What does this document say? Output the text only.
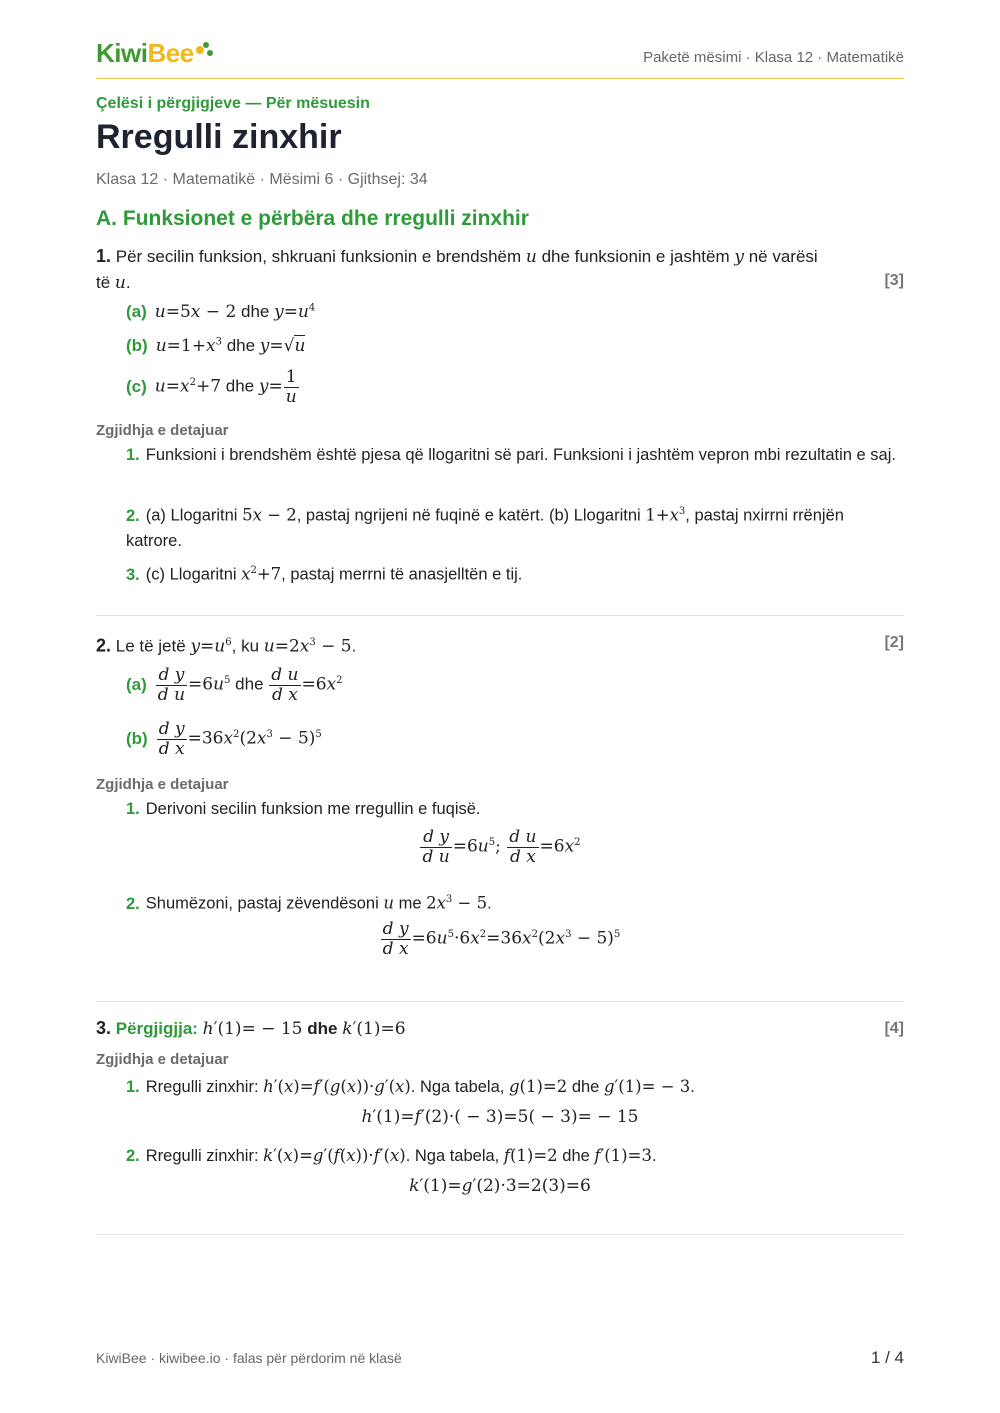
KiwiBee	Paketë mësimi · Klasa 12 · Matematikë
Çelësi i përgjigjeve — Për mësuesin
Rregulli zinxhir
Klasa 12 · Matematikë · Mësimi 6 · Gjithsej: 34
A. Funksionet e përbëra dhe rregulli zinxhir
1. Për secilin funksion, shkruani funksionin e brendshëm u dhe funksionin e jashtëm y në varësi
të u.	[3]
(a) u=5x − 2 dhe $y=u^4$
(b) $u=1+x^3$ dhe y=√u
(c) $u=x^2+7$ dhe $y= \frac{1}{u}$
Zgjidhja e detajuar
1. Funksioni i brendshëm është pjesa që llogaritni së pari. Funksioni i jashtëm vepron mbi rezultatin e saj.
2. (a) Llogaritni 5x − 2, pastaj ngrijeni në fuqinë e katërt. (b) Llogaritni $1+x^3$, pastaj nxirrni rrënjën katrore.
3. (c) Llogaritni $x^2+7$, pastaj merrni të anasjelltën e tij.
2. Le të jetë $y=u^6$, ku $u=2x^3 - 5$.	[2]
$(a) \frac{\text{d y}}{\text{d u}} =6u^5$ dhe $\frac{\text{d u}}{\text{d x}} =6x^2$
$(b) \frac{\text{d y}}{\text{d x}} =36x^2(2x^3 - 5)^5$
Zgjidhja e detajuar
1. Derivoni secilin funksion me rregullin e fuqisë.
$\frac{\text{d y}}{\text{d u}} =6u^5$; $\frac{\text{d u}}{\text{d x}} =6x^2$
2. Shumëzoni, pastaj zëvendësoni u me $2x^3 - 5$.
$\frac{\text{d y}}{\text{d x}} =6u^5\cdot 6x^2=36x^2(2x^3 - 5)^5$
3. Përgjigjja: h′(1)= − 15 dhe k′(1)=6	[4]
Zgjidhja e detajuar
1. Rregulli zinxhir: h′(x)=f′(g(x))·g′(x). Nga tabela, g(1)=2 dhe g′(1)= − 3.
h′(1)=f′(2)·( − 3)=5( − 3)= − 15
2. Rregulli zinxhir: k′(x)=g′(f(x))·f′(x). Nga tabela, f(1)=2 dhe f′(1)=3.
k′(1)=g′(2)·3=2(3)=6
KiwiBee · kiwibee.io · falas për përdorim në klasë	1 / 4
